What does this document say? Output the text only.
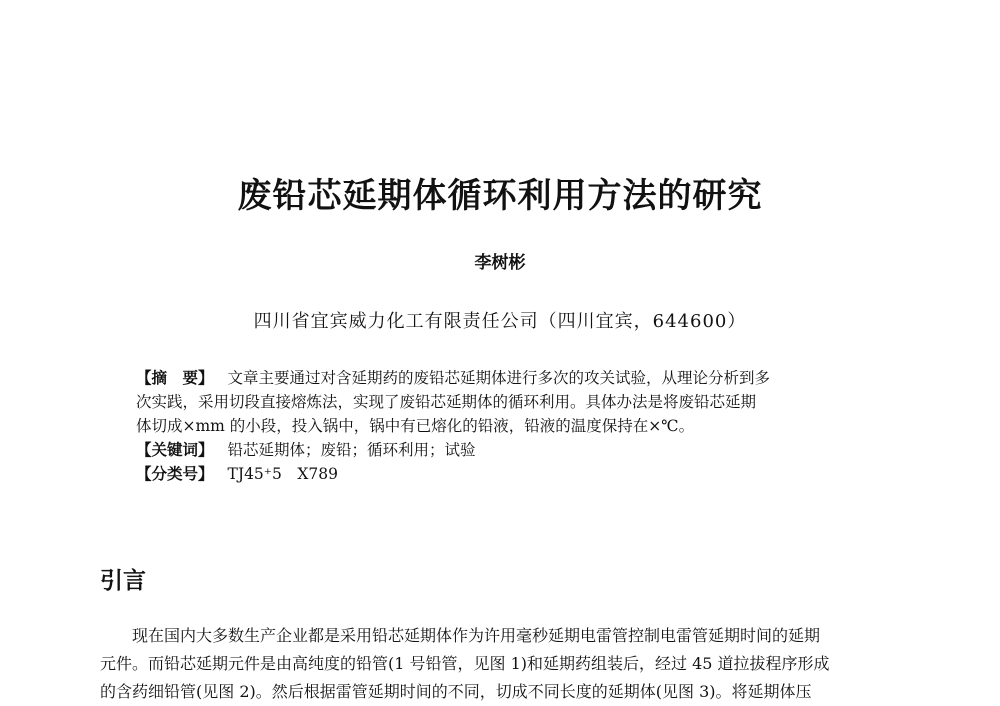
废铅芯延期体循环利用方法的研究
李树彬
四川省宜宾威力化工有限责任公司（四川宜宾，644600）
【摘　要】 文章主要通过对含延期药的废铅芯延期体进行多次的攻关试验，从理论分析到多
次实践，采用切段直接熔炼法，实现了废铅芯延期体的循环利用。具体办法是将废铅芯延期
体切成×mm 的小段，投入锅中，锅中有已熔化的铅液，铅液的温度保持在×℃。
【关键词】 铅芯延期体；废铅；循环利用；试验
【分类号】 TJ45⁺5　X789
引言
现在国内大多数生产企业都是采用铅芯延期体作为许用毫秒延期电雷管控制电雷管延期时间的延期
元件。而铅芯延期元件是由高纯度的铅管(1 号铅管，见图 1)和延期药组装后，经过 45 道拉拔程序形成
的含药细铅管(见图 2)。然后根据雷管延期时间的不同，切成不同长度的延期体(见图 3)。将延期体压
